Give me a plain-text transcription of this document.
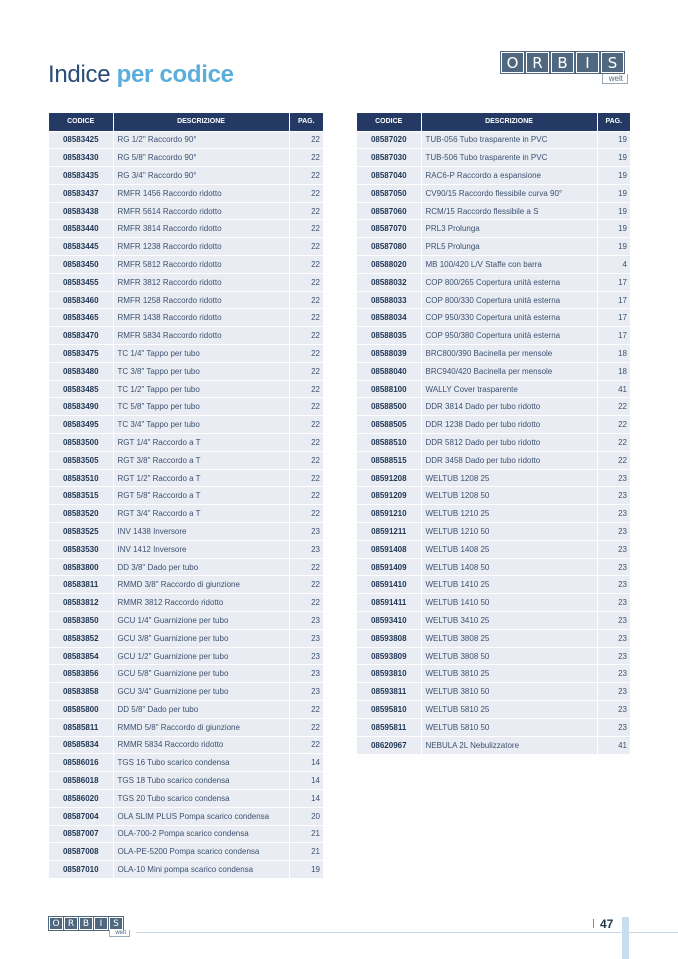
Indice per codice	O R B	I	S
welt
CODICE	DESCRIZIONE	PAG.
08583425	RG 1/2" Raccordo 90°	22
08583430	RG 5/8" Raccordo 90°	22
08583435	RG 3/4" Raccordo 90°	22
08583437	RMFR 1456 Raccordo ridotto	22
08583438	RMFR 5614 Raccordo ridotto	22
08583440	RMFR 3814 Raccordo ridotto	22
08583445	RMFR 1238 Raccordo ridotto	22
08583450	RMFR 5812 Raccordo ridotto	22
08583455	RMFR 3812 Raccordo ridotto	22
08583460	RMFR 1258 Raccordo ridotto	22
08583465	RMFR 1438 Raccordo ridotto	22
08583470	RMFR 5834 Raccordo ridotto	22
08583475	TC 1/4" Tappo per tubo	22
08583480	TC 3/8" Tappo per tubo	22
08583485	TC 1/2" Tappo per tubo	22
08583490	TC 5/8" Tappo per tubo	22
08583495	TC 3/4" Tappo per tubo	22
08583500	RGT 1/4" Raccordo a T	22
08583505	RGT 3/8" Raccordo a T	22
08583510	RGT 1/2" Raccordo a T	22
08583515	RGT 5/8" Raccordo a T	22
08583520	RGT 3/4" Raccordo a T	22
08583525	INV 1438 Inversore	23
08583530	INV 1412 Inversore	23
08583800	DD 3/8" Dado per tubo	22
08583811	RMMD 3/8" Raccordo di giunzione	22
08583812	RMMR 3812 Raccordo ridotto	22
08583850	GCU 1/4" Guarnizione per tubo	23
08583852	GCU 3/8" Guarnizione per tubo	23
08583854	GCU 1/2" Guarnizione per tubo	23
08583856	GCU 5/8" Guarnizione per tubo	23
08583858	GCU 3/4" Guarnizione per tubo	23
08585800	DD 5/8" Dado per tubo	22
08585811	RMMD 5/8" Raccordo di giunzione	22
08585834	RMMR 5834 Raccordo ridotto	22
08586016	TGS 16 Tubo scarico condensa	14
08586018	TGS 18 Tubo scarico condensa	14
08586020	TGS 20 Tubo scarico condensa	14
08587004	OLA SLIM PLUS Pompa scarico condensa	20
08587007	OLA-700-2 Pompa scarico condensa	21
08587008	OLA-PE-5200 Pompa scarico condensa	21
08587010	OLA-10 Mini pompa scarico condensa	19
CODICE	DESCRIZIONE	PAG.
08587020	TUB-056 Tubo trasparente in PVC	19
08587030	TUB-506 Tubo trasparente in PVC	19
08587040	RAC6-P Raccordo a espansione	19
08587050	CV90/15 Raccordo flessibile curva 90°	19
08587060	RCM/15 Raccordo flessibile a S	19
08587070	PRL3 Prolunga	19
08587080	PRL5 Prolunga	19
08588020	MB 100/420 L/V Staffe con barra	4
08588032	COP 800/265 Copertura unità esterna	17
08588033	COP 800/330 Copertura unità esterna	17
08588034	COP 950/330 Copertura unità esterna	17
08588035	COP 950/380 Copertura unità esterna	17
08588039	BRC800/390 Bacinella per mensole	18
08588040	BRC940/420 Bacinella per mensole	18
08588100	WALLY Cover trasparente	41
08588500	DDR 3814 Dado per tubo ridotto	22
08588505	DDR 1238 Dado per tubo ridotto	22
08588510	DDR 5812 Dado per tubo ridotto	22
08588515	DDR 3458 Dado per tubo ridotto	22
08591208	WELTUB 1208 25	23
08591209	WELTUB 1208 50	23
08591210	WELTUB 1210 25	23
08591211	WELTUB 1210 50	23
08591408	WELTUB 1408 25	23
08591409	WELTUB 1408 50	23
08591410	WELTUB 1410 25	23
08591411	WELTUB 1410 50	23
08593410	WELTUB 3410 25	23
08593808	WELTUB 3808 25	23
08593809	WELTUB 3808 50	23
08593810	WELTUB 3810 25	23
08593811	WELTUB 3810 50	23
08595810	WELTUB 5810 25	23
08595811	WELTUB 5810 50	23
08620967	NEBULA 2L Nebulizzatore	41
O R B	I	S
welt
47
